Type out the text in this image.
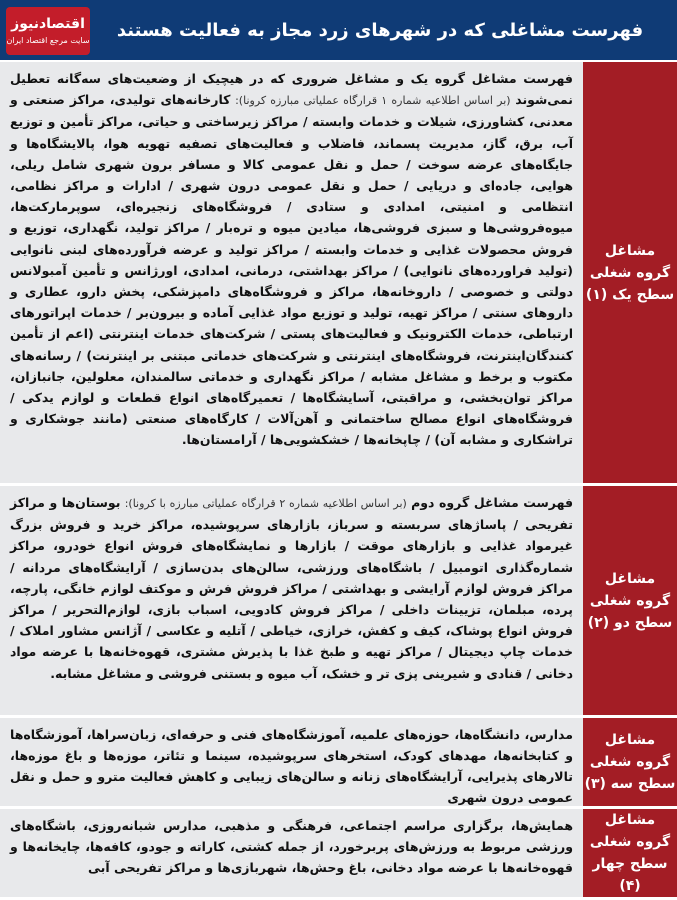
اقتصادنیوز
سایت مرجع اقتصاد ایران	فهرست مشاغلی که در شهرهای زرد مجاز به فعالیت هستند
مشاغل
گروه شغلی
سطح یک (۱)
فهرست مشاغل گروه یک و مشاغل ضروری که در هیچیک از وضعیت‌های سه‌گانه تعطیل نمی‌شوند (بر اساس اطلاعیه شماره ۱ قرارگاه عملیاتی مبارزه کرونا): کارخانه‌های تولیدی، مراکز صنعتی و معدنی، کشاورزی، شیلات و خدمات وابسته / مراکز زیرساختی و حیاتی، مراکز تأمین و توزیع آب، برق، گاز، مدیریت پسماند، فاضلاب و فعالیت‌های تصفیه تهویه هوا، پالایشگاه‌ها و جایگاه‌های عرضه سوخت / حمل و نقل عمومی کالا و مسافر برون شهری شامل ریلی، هوایی، جاده‌ای و دریایی / حمل و نقل عمومی درون شهری / ادارات و مراکز نظامی، انتظامی و امنیتی، امدادی و ستادی / فروشگاه‌های زنجیره‌ای، سوپرمارکت‌ها، میوه‌فروشی‌ها و سبزی فروشی‌ها، میادین میوه و تره‌بار / مراکز تولید، نگهداری، توزیع و فروش محصولات غذایی و خدمات وابسته / مراکز تولید و عرضه فرآورده‌های لبنی نانوایی (تولید فراورده‌های نانوایی) / مراکز بهداشتی، درمانی، امدادی، اورژانس و تأمین آمبولانس دولتی و خصوصی / داروخانه‌ها، مراکز و فروشگاه‌های دامپزشکی، پخش دارو، عطاری و داروهای سنتی / مراکز تهیه، تولید و توزیع مواد غذایی آماده و بیرون‌بر / خدمات اپراتورهای ارتباطی، خدمات الکترونیک و فعالیت‌های پستی / شرکت‌های خدمات اینترنتی (اعم از تأمین کنندگان‌اینترنت، فروشگاه‌های اینترنتی و شرکت‌های خدماتی مبتنی بر اینترنت) / رسانه‌های مکتوب و برخط و مشاغل مشابه / مراکز نگهداری و خدماتی سالمندان، معلولین، جانبازان، مراکز توان‌بخشی، و مراقبتی، آسایشگاه‌ها / تعمیرگاه‌های انواع قطعات و لوازم یدکی / فروشگاه‌های انواع مصالح ساختمانی و آهن‌آلات / کارگاه‌های صنعتی (مانند جوشکاری و تراشکاری و مشابه آن) / چاپخانه‌ها / خشکشویی‌ها / آرامستان‌ها.
مشاغل
گروه شغلی
سطح دو (۲)
فهرست مشاغل گروه دوم (بر اساس اطلاعیه شماره ۲ قرارگاه عملیاتی مبارزه با کرونا): بوستان‌ها و مراکز تفریحی / پاساژهای سربسته و سرباز، بازارهای سرپوشیده، مراکز خرید و فروش بزرگ غیرمواد غذایی و بازارهای موقت / بازارها و نمایشگاه‌های فروش انواع خودرو، مراکز شماره‌گذاری اتومبیل / باشگاه‌های ورزشی، سالن‌های بدن‌سازی / آرایشگاه‌های مردانه / مراکز فروش لوازم آرایشی و بهداشتی / مراکز فروش فرش و موکتف لوازم خانگی، پارچه، پرده، مبلمان، تزیینات داخلی / مراکز فروش کادویی، اسباب بازی، لوازم‌التحریر / مراکز فروش انواع پوشاک، کیف و کفش، خرازی، خیاطی / آتلیه و عکاسی / آژانس مشاور املاک / خدمات چاپ دیجیتال / مراکز تهیه و طبخ غذا با پذیرش مشتری، قهوه‌خانه‌ها با عرضه مواد دخانی / قنادی و شیرینی پزی تر و خشک، آب میوه و بستنی فروشی و مشاغل مشابه.
مشاغل
گروه شغلی
سطح سه (۳)
مدارس، دانشگاه‌ها، حوزه‌های علمیه، آموزشگاه‌های فنی و حرفه‌ای، زبان‌سراها، آموزشگاه‌ها و کتابخانه‌ها، مهدهای کودک، استخرهای سرپوشیده، سینما و تئاتر، موزه‌ها و باغ موزه‌ها، تالارهای پذیرایی، آرایشگاه‌های زنانه و سالن‌های زیبایی و کاهش فعالیت مترو و حمل و نقل عمومی درون شهری
مشاغل
گروه شغلی
سطح چهار (۴)
همایش‌ها، برگزاری مراسم اجتماعی، فرهنگی و مذهبی، مدارس شبانه‌روزی، باشگاه‌های ورزشی مربوط به ورزش‌های پربرخورد، از جمله کشتی، کاراته و جودو، کافه‌ها، چایخانه‌ها و قهوه‌خانه‌ها با عرضه مواد دخانی، باغ وحش‌ها، شهربازی‌ها و مراکز تفریحی آبی
